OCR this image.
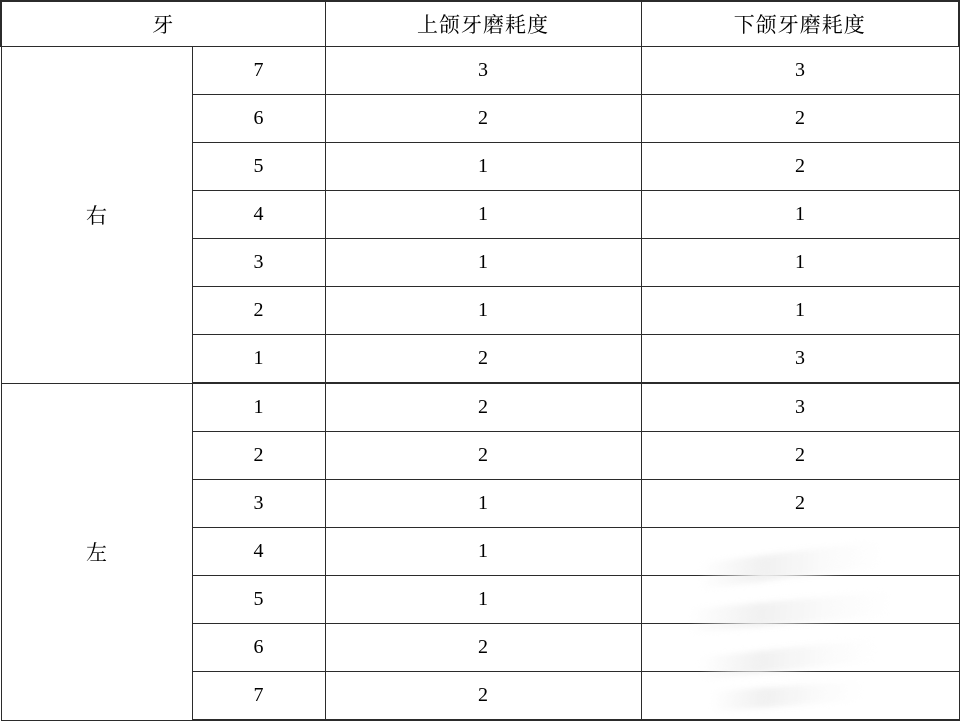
牙		上颌牙磨耗度	下颌牙磨耗度
右	7	3	3
	6	2	2
	5	1	2
	4	1	1
	3	1	1
	2	1	1
	1	2	3
左	1	2	3
	2	2	2
	3	1	2
	4	1	
	5	1	
	6	2	
	7	2	
